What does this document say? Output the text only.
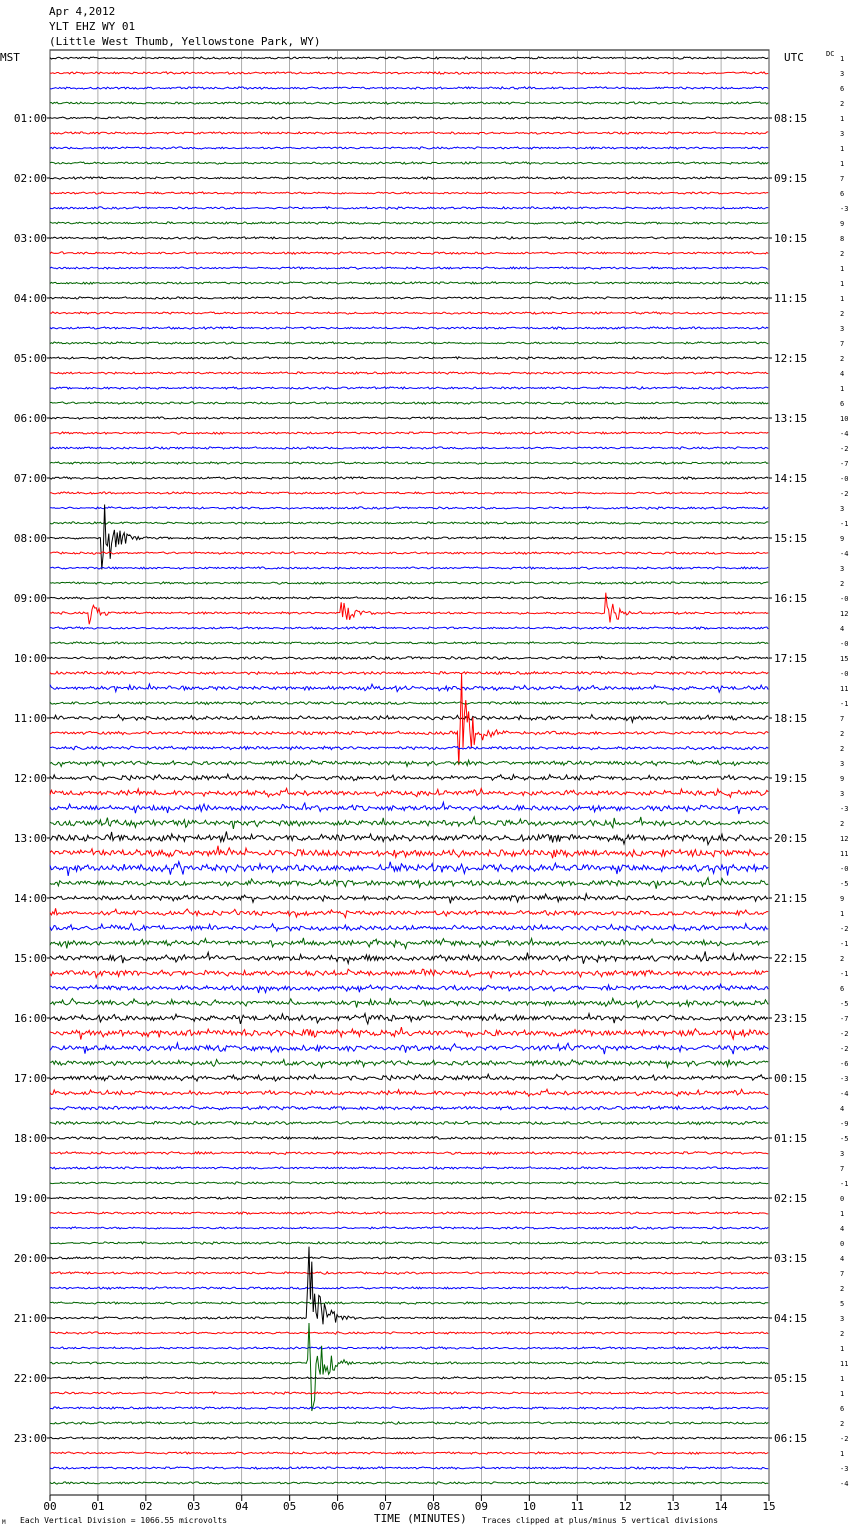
Apr 4,2012
YLT EHZ WY 01
(Little West Thumb, Yellowstone Park, WY)
MST	UTC	DC
00	01	02	03	04	05	06	07	08	09	10	11	12	13	14	15
1
3
6
2
1
3
1
1
7
6
-3
9
8
2
1
1
1
2
3
7
2
4
1
6
10
-4
-2
-7
-0
-2
3
-1
9
-4
3
2
-0
12
4
-0
15
-0
11
-1
7
2
2
3
9
3
-3
2
12
11
-0
-5
9
1
-2
-1
2
-1
6
-5
-7
-2
-2
-6
-3
-4
4
-9
-5
3
7
-1
0
1
4
0
4
7
2
5
3
2
1
11
1
1
6
2
-2
1
-3
-4
01:00
02:00
03:00
04:00
05:00
06:00
07:00
08:00
09:00
10:00
11:00
12:00
13:00
14:00
15:00
16:00
17:00
18:00
19:00
20:00
21:00
22:00
23:00
08:15
09:15
10:15
11:15
12:15
13:15
14:15
15:15
16:15
17:15
18:15
19:15
20:15
21:15
22:15
23:15
00:15
01:15
02:15
03:15
04:15
05:15
06:15
M Each Vertical Division = 1066.55 microvolts	TIME (MINUTES) Traces clipped at plus/minus 5 vertical divisions
